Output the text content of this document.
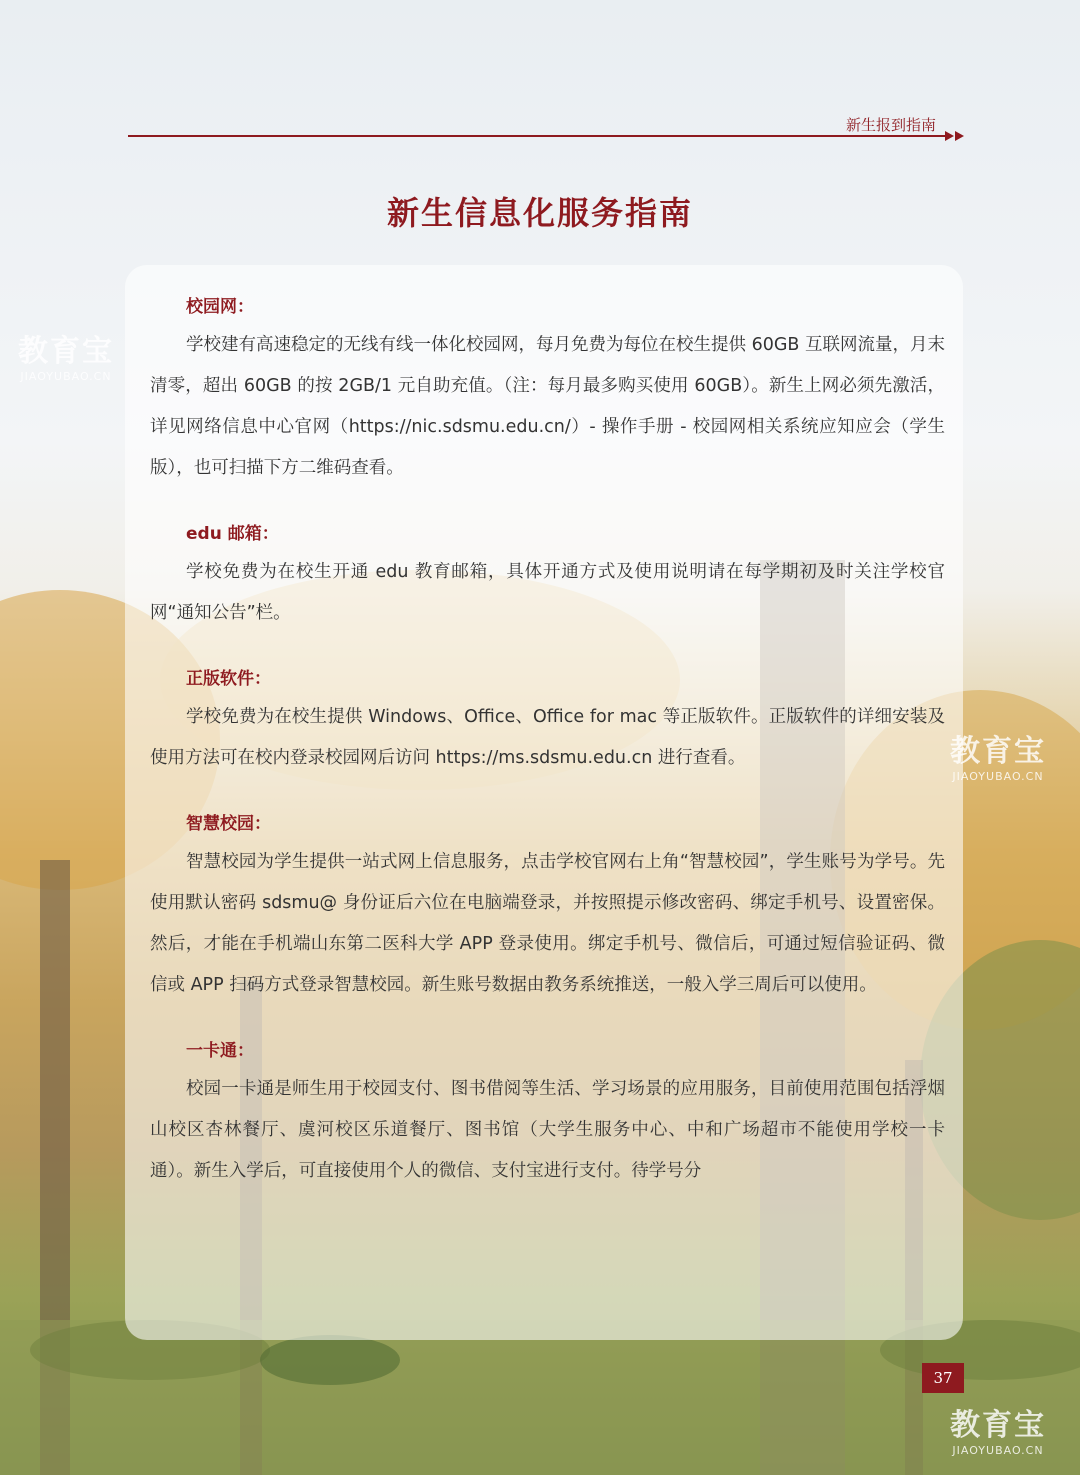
新生报到指南
新生信息化服务指南
校园网：

学校建有高速稳定的无线有线一体化校园网，每月免费为每位在校生提供 60GB 互联网流量，月末清零，超出 60GB 的按 2GB/1 元自助充值。（注：每月最多购买使用 60GB）。新生上网必须先激活，详见网络信息中心官网（https://nic.sdsmu.edu.cn/）- 操作手册 - 校园网相关系统应知应会（学生版），也可扫描下方二维码查看。

edu 邮箱：

学校免费为在校生开通 edu 教育邮箱，具体开通方式及使用说明请在每学期初及时关注学校官网“通知公告”栏。

正版软件：

学校免费为在校生提供 Windows、Office、Office for mac 等正版软件。正版软件的详细安装及使用方法可在校内登录校园网后访问 https://ms.sdsmu.edu.cn 进行查看。

智慧校园：

智慧校园为学生提供一站式网上信息服务，点击学校官网右上角“智慧校园”，学生账号为学号。先使用默认密码 sdsmu@ 身份证后六位在电脑端登录，并按照提示修改密码、绑定手机号、设置密保。然后，才能在手机端山东第二医科大学 APP 登录使用。绑定手机号、微信后，可通过短信验证码、微信或 APP 扫码方式登录智慧校园。新生账号数据由教务系统推送，一般入学三周后可以使用。

一卡通：

校园一卡通是师生用于校园支付、图书借阅等生活、学习场景的应用服务，目前使用范围包括浮烟山校区杏林餐厅、虞河校区乐道餐厅、图书馆（大学生服务中心、中和广场超市不能使用学校一卡通）。新生入学后，可直接使用个人的微信、支付宝进行支付。待学号分

教育宝
JIAOYUBAO.CN
教育宝
JIAOYUBAO.CN
教育宝
JIAOYUBAO.CN
37
